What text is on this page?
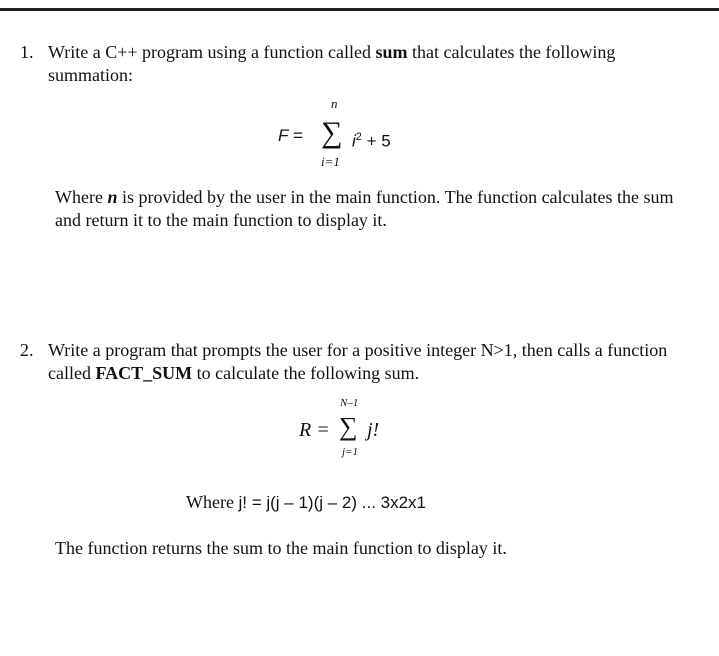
1. Write a C++ program using a function called sum that calculates the following
summation:
F =
n
∑
i=1
$i^2 + 5$
Where n is provided by the user in the main function. The function calculates the sum
and return it to the main function to display it.
2. Write a program that prompts the user for a positive integer N>1, then calls a function
called FACT_SUM to calculate the following sum.
R =
N–1
∑
j=1
j!
Where j! = j(j – 1)(j – 2) ... 3x2x1
The function returns the sum to the main function to display it.
